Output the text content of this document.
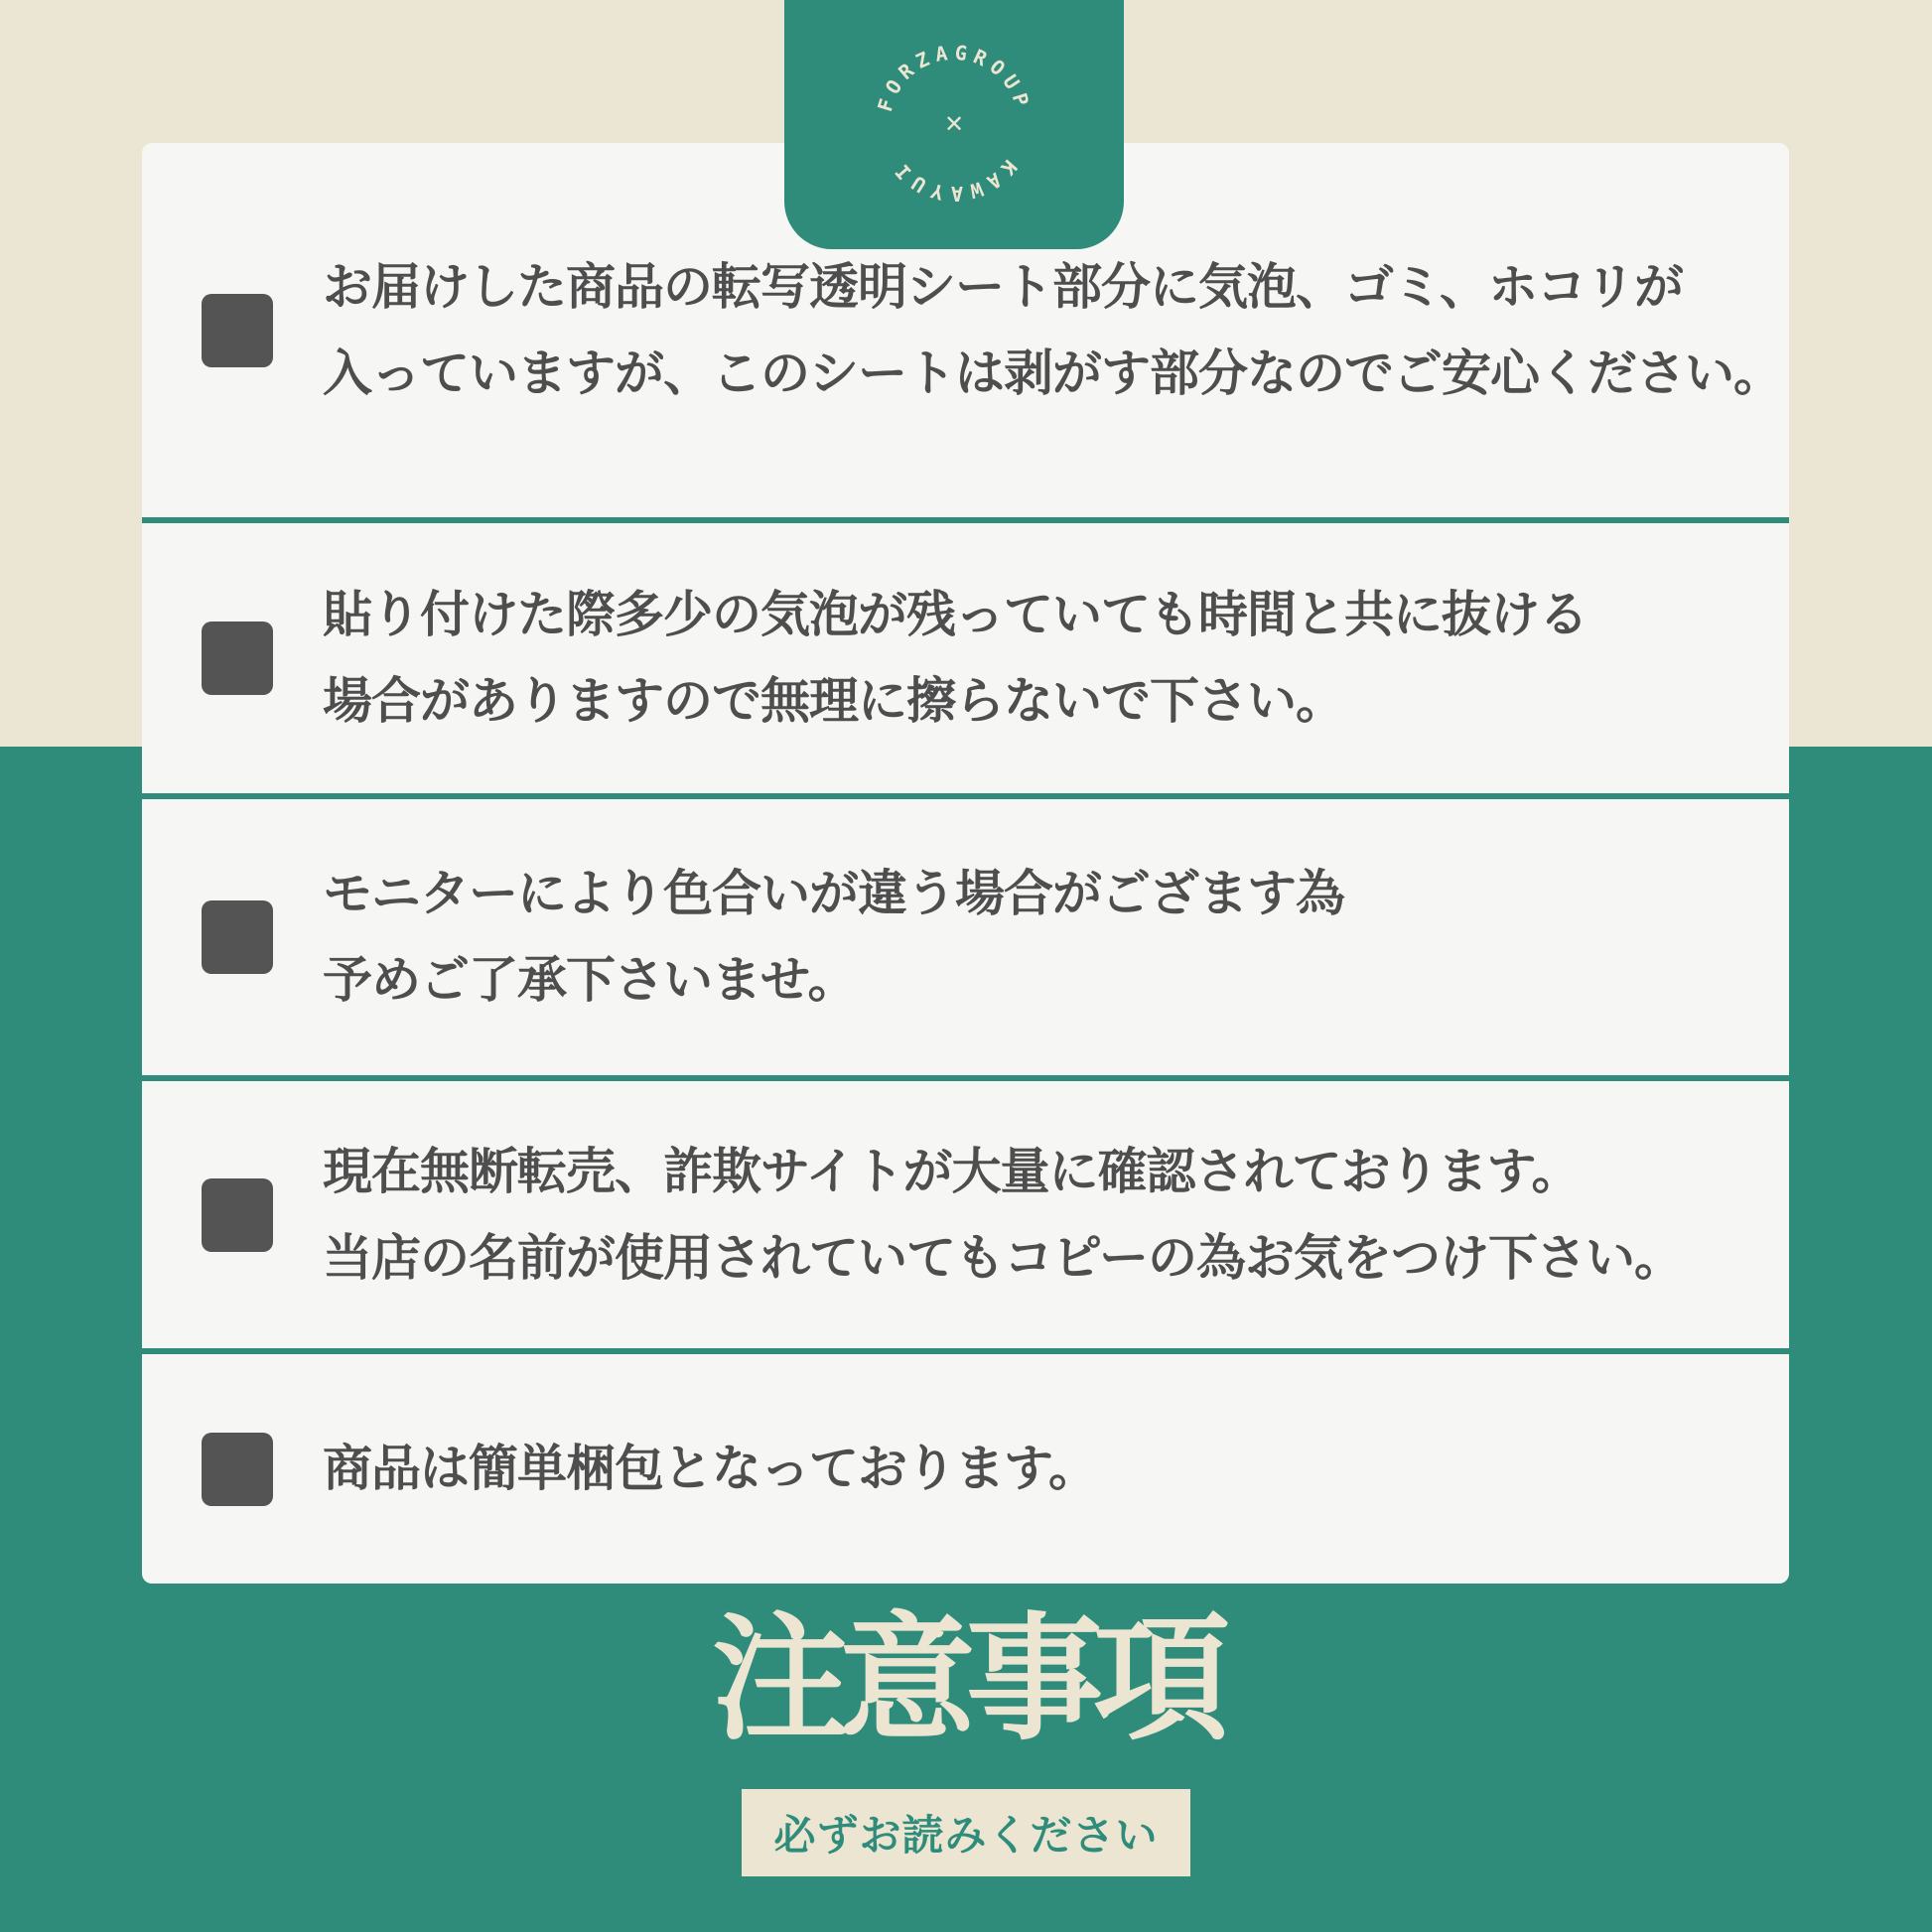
お届けした商品の転写透明シート部分に気泡、ゴミ、ホコリが
入っていますが、このシートは剥がす部分なのでご安心ください。
貼り付けた際多少の気泡が残っていても時間と共に抜ける
場合がありますので無理に擦らないで下さい。
モニターにより色合いが違う場合がござます為
予めご了承下さいませ。
現在無断転売、詐欺サイトが大量に確認されております。
当店の名前が使用されていてもコピーの為お気をつけ下さい。
商品は簡単梱包となっております。
FORZAGROUP
KAWAYUI
✕
注意事項
必ずお読みください
